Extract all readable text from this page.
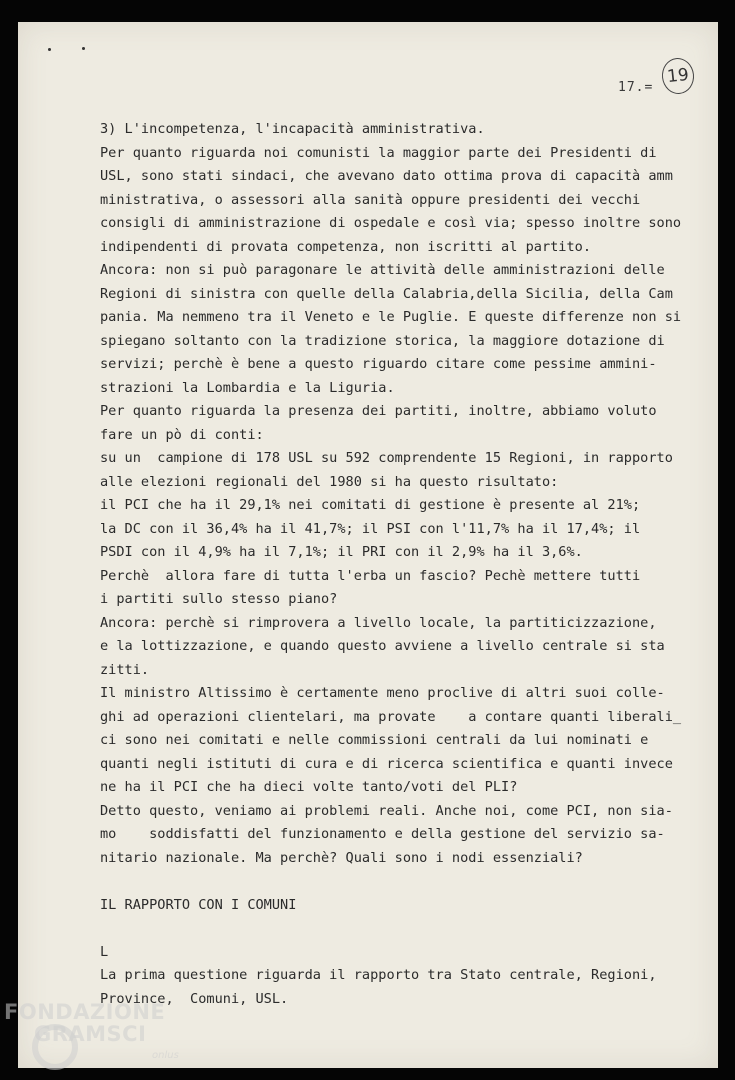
17.=
19
3) L'incompetenza, l'incapacità amministrativa.
Per quanto riguarda noi comunisti la maggior parte dei Presidenti di
USL, sono stati sindaci, che avevano dato ottima prova di capacità amm
ministrativa, o assessori alla sanità oppure presidenti dei vecchi
consigli di amministrazione di ospedale e così via; spesso inoltre sono
indipendenti di provata competenza, non iscritti al partito.
Ancora: non si può paragonare le attività delle amministrazioni delle
Regioni di sinistra con quelle della Calabria,della Sicilia, della Cam
pania. Ma nemmeno tra il Veneto e le Puglie. E queste differenze non si
spiegano soltanto con la tradizione storica, la maggiore dotazione di
servizi; perchè è bene a questo riguardo citare come pessime ammini-
strazioni la Lombardia e la Liguria.
Per quanto riguarda la presenza dei partiti, inoltre, abbiamo voluto
fare un pò di conti:
su un  campione di 178 USL su 592 comprendente 15 Regioni, in rapporto
alle elezioni regionali del 1980 si ha questo risultato:
il PCI che ha il 29,1% nei comitati di gestione è presente al 21%;
la DC con il 36,4% ha il 41,7%; il PSI con l'11,7% ha il 17,4%; il
PSDI con il 4,9% ha il 7,1%; il PRI con il 2,9% ha il 3,6%.
Perchè  allora fare di tutta l'erba un fascio? Pechè mettere tutti
i partiti sullo stesso piano?
Ancora: perchè si rimprovera a livello locale, la partiticizzazione,
e la lottizzazione, e quando questo avviene a livello centrale si sta
zitti.
Il ministro Altissimo è certamente meno proclive di altri suoi colle-
ghi ad operazioni clientelari, ma provate    a contare quanti liberali_
ci sono nei comitati e nelle commissioni centrali da lui nominati e
quanti negli istituti di cura e di ricerca scientifica e quanti invece
ne ha il PCI che ha dieci volte tanto/voti del PLI?
Detto questo, veniamo ai problemi reali. Anche noi, come PCI, non sia-
mo    soddisfatti del funzionamento e della gestione del servizio sa-
nitario nazionale. Ma perchè? Quali sono i nodi essenziali?
IL RAPPORTO CON I COMUNI
L
La prima questione riguarda il rapporto tra Stato centrale, Regioni,
Province,  Comuni, USL.
FONDAZIONE
GRAMSCI
onlus
